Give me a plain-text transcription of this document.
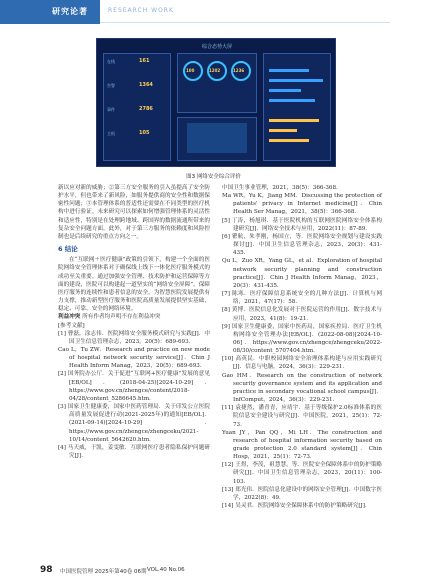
研究论著	RESEARCH WORK
综合态势大屏
在线	161
告警	1364
事件	2786
主机	105
100	1202	1236
图3 网络安全综合评价
新以应对新的威胁；②第三方安全服务的引入虽提高了安全防护水平，但也带来了新风险，如服务提供商的安全性和数据保密性问题；③本管理体系的普适性还需要在不同类型的医疗机构中进行验证。未来研究可以探索如何增强管理体系的灵活性和适应性，特别是在处理跨地域、跨国界的数据流通所带来的复杂安全问题方面。此外，对于第三方服务的依赖度和风险控制也是后续研究的重点方向之一。
6 结论
在“互联网＋医疗健康”政策的引领下，构建一个全面的医院网络安全管理体系对于确保线上线下一体化医疗服务模式的成功至关重要。通过加强安全管理、技术防护和运营保障等方面的建设，医院可以构建起一道坚实的“网络安全屏障”，保障医疗服务的连续性和患者信息的安全，为智慧医院发展提供有力支撑，推动新型医疗服务和医院高质量发展提供坚实基础，稳定、可靠、安全的网络环境。
利益冲突 所有作者均声明不存在利益冲突
[参考文献]
[1] 曹磊，涂志伟．医院网络安全服务模式研究与实践[J]．中国卫生信息管理杂志，2023，20(5)：689-693．
Cao L，Tu ZW．Research and practice on new mode of hospital network security service[J]．Chin J Health Inform Manag，2023，20(5)：689-693．
[2] 国务院办公厅．关于促进“互联网+医疗健康”发展的意见[EB/OL]．(2018-04-25)[2024-10-29]．https://www.gov.cn/zhengce/content/2018-04/28/content_5286645.htm．
[3] 国家卫生健康委，国家中医药管理局．关于印发公立医院高质量发展促进行动(2021-2025年)的通知[EB/OL]．(2021-09-14)[2024-10-29]．https://www.gov.cn/zhengce/zhengceku/2021-10/14/content_5642620.htm．
[4] 马天威，于凯，姜雯敏．互联网医疗患者隐私保护问题研究[J]．
中国卫生事业管理，2021，38(5)：366-368．
Ma WR，Yu K，Jiang MM．Discussing the protection of patients' privacy in Internet medicine[J]．Chin Health Ser Manag，2021，38(5)：366-368．
[5] 丁涛，杨旭琪．基于医院机构的互联网医院网络安全体系构建研究[J]．网络安全技术与应用，2022(11)：87-89．
[6] 瞿航，朱孝刚，杨国立，等．医院网络安全规划与建设实践探讨[J]．中国卫生信息管理杂志，2023，20(3)：431-435．
Qu L，Zuo XR，Yang GL，et al．Exploration of hospital network security planning and construction practice[J]．Chin J Health Inform Manag，2023，20(3)：431-435．
[7] 陈寒．医疗保障信息系统安全的几种方法[J]．计算机与网络，2021，47(17)：58．
[8] 黄博．医院信息化发展对于医院运营的作用[J]．数字技术与应用，2023，41(8)：19-21．
[9] 国家卫生健康委，国家中医药局，国家疾控局．医疗卫生机构网络安全管理办法[EB/OL]．(2022-08-08)[2024-10-06]．https://www.gov.cn/zhengce/zhengceku/2022-08/30/content_5707404.htm．
[10] 高英民．中职校园网络安全治理体系构建与应用实践研究[J]．信息与电脑，2024，36(3)：229-231．
Gao HM．Research on the construction of network security governance system and its application and practice in secondary vocational school campus[J]．InfComput，2024，36(3)：229-231．
[11] 袁捷然，潘青青，应靖宇．基于等级保护2.0标准体系的医院信息安全建设与研究[J]．中国医院，2021，25(1)：72-73．
Yuan JY，Pan QQ，Mi LH．The construction and research of hospital information security based on grade protection 2.0 standard system[J]．Chin Hosp，2021，25(1)：72-73．
[12] 王煜，李茂，祖慧慧，等．医院安全保障体系中的防护策略研究[J]．中国卫生信息管理杂志，2023，20(11)：100-103．
[13] 郑光伟．医院信息化建设中的网络安全管理[J]．中国数字医学，2022(8)：49．
[14] 吴灵君．医院网络安全保障体系中的防护策略研究[J]．
98 中国医院管理 2025年第40卷 06期 VOL.40 No.06
